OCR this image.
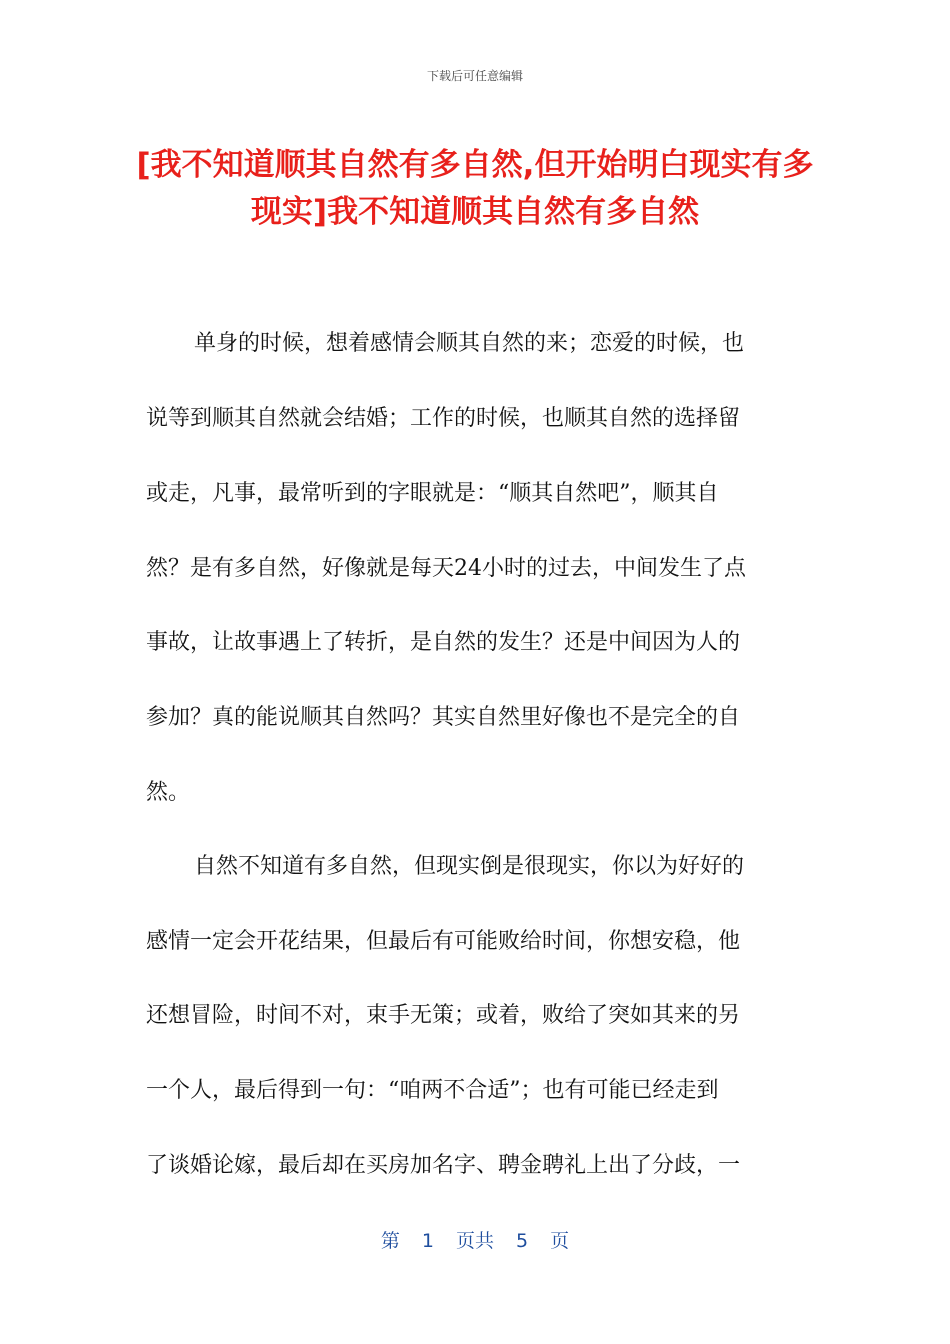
下载后可任意编辑
[我不知道顺其自然有多自然,但开始明白现实有多现实]我不知道顺其自然有多自然
单身的时候，想着感情会顺其自然的来；恋爱的时候，也
说等到顺其自然就会结婚；工作的时候，也顺其自然的选择留
或走，凡事，最常听到的字眼就是：“顺其自然吧”，顺其自
然？是有多自然，好像就是每天24小时的过去，中间发生了点
事故，让故事遇上了转折，是自然的发生？还是中间因为人的
参加？真的能说顺其自然吗？其实自然里好像也不是完全的自
然。
自然不知道有多自然，但现实倒是很现实，你以为好好的
感情一定会开花结果，但最后有可能败给时间，你想安稳，他
还想冒险，时间不对，束手无策；或着，败给了突如其来的另
一个人，最后得到一句：“咱两不合适”；也有可能已经走到
了谈婚论嫁，最后却在买房加名字、聘金聘礼上出了分歧，一
第 1 页共 5 页
